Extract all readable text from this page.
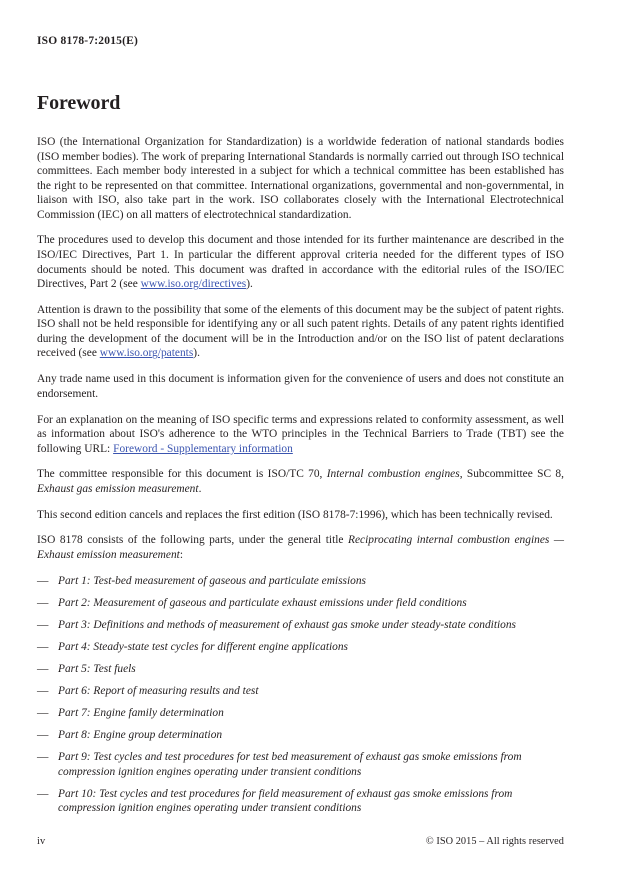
ISO 8178-7:2015(E)
Foreword

ISO (the International Organization for Standardization) is a worldwide federation of national standards bodies (ISO member bodies). The work of preparing International Standards is normally carried out through ISO technical committees. Each member body interested in a subject for which a technical committee has been established has the right to be represented on that committee. International organizations, governmental and non-governmental, in liaison with ISO, also take part in the work. ISO collaborates closely with the International Electrotechnical Commission (IEC) on all matters of electrotechnical standardization.

The procedures used to develop this document and those intended for its further maintenance are described in the ISO/IEC Directives, Part 1. In particular the different approval criteria needed for the different types of ISO documents should be noted. This document was drafted in accordance with the editorial rules of the ISO/IEC Directives, Part 2 (see www.iso.org/directives).

Attention is drawn to the possibility that some of the elements of this document may be the subject of patent rights. ISO shall not be held responsible for identifying any or all such patent rights. Details of any patent rights identified during the development of the document will be in the Introduction and/or on the ISO list of patent declarations received (see www.iso.org/patents).

Any trade name used in this document is information given for the convenience of users and does not constitute an endorsement.

For an explanation on the meaning of ISO specific terms and expressions related to conformity assessment, as well as information about ISO's adherence to the WTO principles in the Technical Barriers to Trade (TBT) see the following URL: Foreword - Supplementary information

The committee responsible for this document is ISO/TC 70, Internal combustion engines, Subcommittee SC 8, Exhaust gas emission measurement.

This second edition cancels and replaces the first edition (ISO 8178-7:1996), which has been technically revised.

ISO 8178 consists of the following parts, under the general title Reciprocating internal combustion engines — Exhaust emission measurement:

— Part 1: Test-bed measurement of gaseous and particulate emissions
— Part 2: Measurement of gaseous and particulate exhaust emissions under field conditions
— Part 3: Definitions and methods of measurement of exhaust gas smoke under steady-state conditions
— Part 4: Steady-state test cycles for different engine applications
— Part 5: Test fuels
— Part 6: Report of measuring results and test
— Part 7: Engine family determination
— Part 8: Engine group determination
— Part 9: Test cycles and test procedures for test bed measurement of exhaust gas smoke emissions from compression ignition engines operating under transient conditions
— Part 10: Test cycles and test procedures for field measurement of exhaust gas smoke emissions from compression ignition engines operating under transient conditions
iv	© ISO 2015 – All rights reserved
